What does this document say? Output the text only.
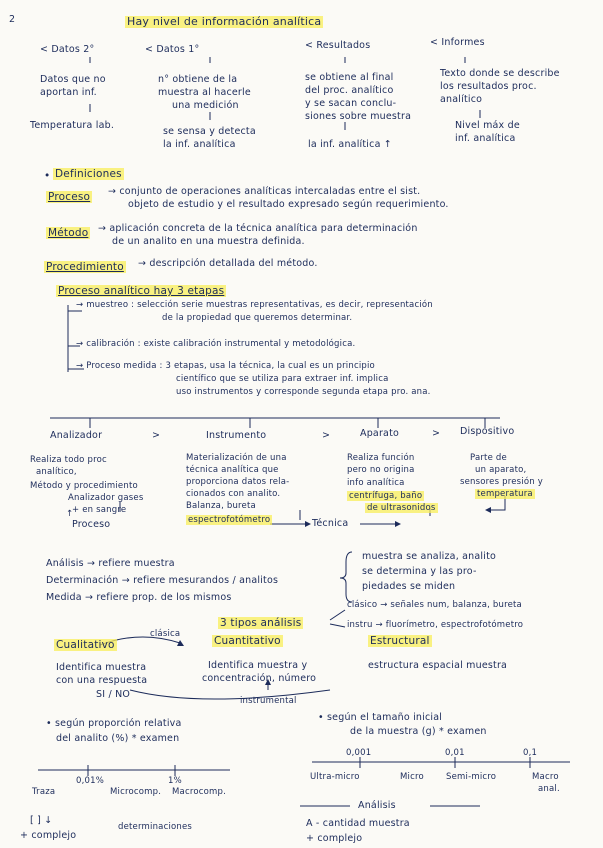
2	Hay nivel de información analítica
< Datos 2°
Datos que no
aportan inf.
Temperatura lab.
< Datos 1°
n° obtiene de la
muestra al hacerle
una medición
se sensa y detecta
la inf. analítica
< Resultados
se obtiene al final
del proc. analítico
y se sacan conclu-
siones sobre muestra
la inf. analítica ↑
< Informes
Texto donde se describe
los resultados proc.
analítico
Nivel máx de
inf. analítica
• Definiciones
Proceso → conjunto de operaciones analíticas intercaladas entre el sist.
objeto de estudio y el resultado expresado según requerimiento.
Método → aplicación concreta de la técnica analítica para determinación
de un analito en una muestra definida.
Procedimiento → descripción detallada del método.
Proceso analítico hay 3 etapas
→ muestreo : selección serie muestras representativas, es decir, representación
de la propiedad que queremos determinar.
→ calibración : existe calibración instrumental y metodológica.
→ Proceso medida : 3 etapas, usa la técnica, la cual es un principio
científico que se utiliza para extraer inf. implica
uso instrumentos y corresponde segunda etapa pro. ana.
Analizador	>	Instrumento	>	Aparato	> Dispositivo
Realiza todo proc
analítico,
Método y procedimiento
Analizador gases
+ en sangre
↑
Proceso
Materialización de una
técnica analítica que
proporciona datos rela-
cionados con analito.
Balanza, bureta
espectrofotómetro
Realiza función
pero no origina
info analítica
centrífuga, baño
de ultrasonidos
Parte de
un aparato,
sensores presión y
temperatura
Técnica
Análisis → refiere muestra
Determinación → refiere mesurandos / analitos
Medida → refiere prop. de los mismos
muestra se analiza, analito
se determina y las pro-
piedades se miden
3 tipos análisis
clásico → señales num, balanza, bureta
instru → fluorímetro, espectrofotómetro
Cualitativo
clásica
Cuantitativo	Estructural
Identifica muestra
con una respuesta
SI / NO
Identifica muestra y
concentración, número
instrumental
estructura espacial muestra
• según proporción relativa
del analito (%) * examen
0,01%	1%
Traza	Microcomp. Macrocomp.
[ ] ↓
+ complejo
determinaciones
• según el tamaño inicial
de la muestra (g) * examen
0,001	0,01	0,1
Ultra-micro	Micro	Semi-micro	Macro
anal.
Análisis
A - cantidad muestra
+ complejo
